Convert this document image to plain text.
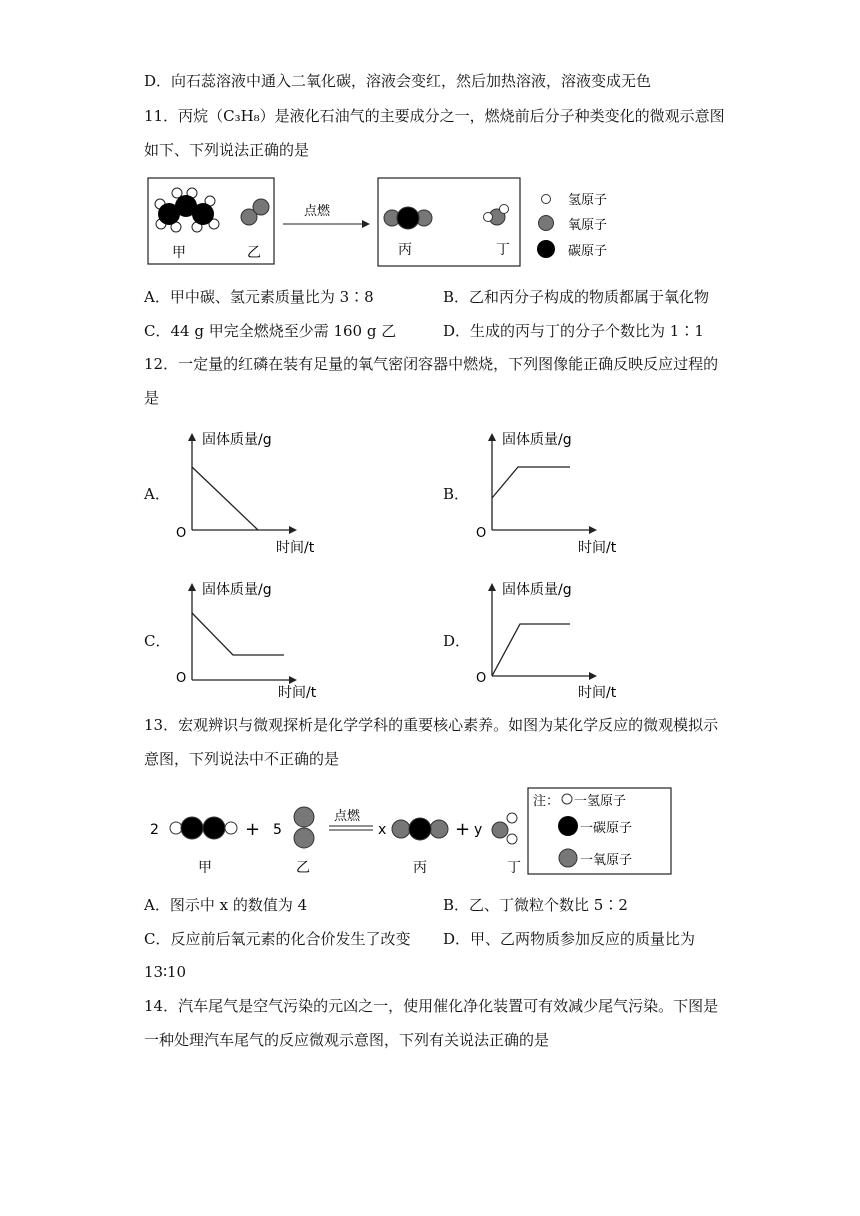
D．向石蕊溶液中通入二氧化碳，溶液会变红，然后加热溶液，溶液变成无色
11．丙烷（C₃H₈）是液化石油气的主要成分之一，燃烧前后分子种类变化的微观示意图
如下、下列说法正确的是
甲	乙
点燃
丙	丁
氢原子
氧原子
碳原子
A．甲中碳、氢元素质量比为 3∶8	B．乙和丙分子构成的物质都属于氧化物
C．44 g 甲完全燃烧至少需 160 g 乙	D．生成的丙与丁的分子个数比为 1∶1
12．一定量的红磷在装有足量的氧气密闭容器中燃烧，下列图像能正确反映反应过程的
是
A．	B．
C．	D．
固体质量/g
时间/t
O
固体质量/g
时间/t
O
固体质量/g
时间/t
O
固体质量/g
时间/t
O
13．宏观辨识与微观探析是化学学科的重要核心素养。如图为某化学反应的微观模拟示
意图，下列说法中不正确的是
2	+ 5
点燃
x	+ y
甲	乙	丙	丁
注： 一氢原子
一碳原子
一氧原子
A．图示中 x 的数值为 4	B．乙、丁微粒个数比 5∶2
C．反应前后氧元素的化合价发生了改变 D．甲、乙两物质参加反应的质量比为
13∶10
14．汽车尾气是空气污染的元凶之一，使用催化净化装置可有效减少尾气污染。下图是
一种处理汽车尾气的反应微观示意图，下列有关说法正确的是
